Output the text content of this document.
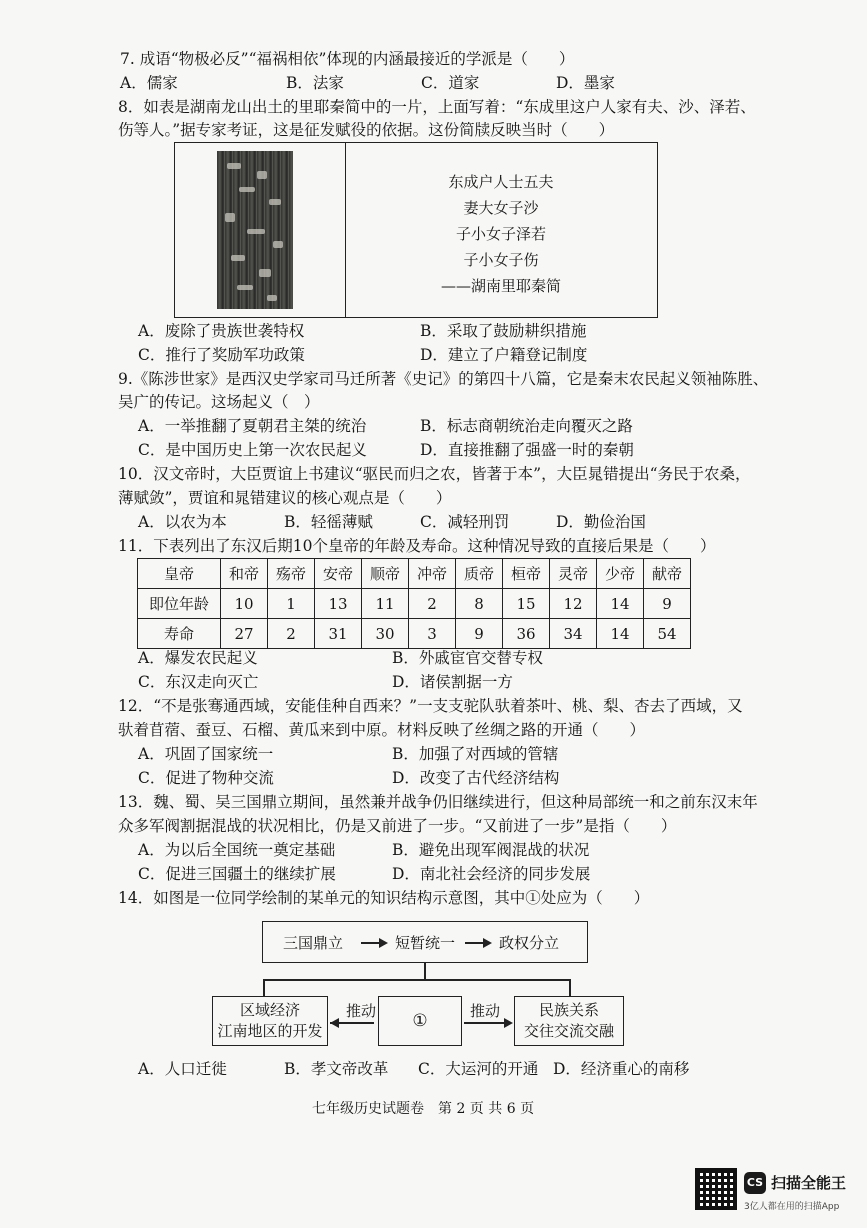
7. 成语“物极必反”“福祸相依”体现的内涵最接近的学派是（　　）
A．儒家	B．法家	C．道家	D．墨家
8．如表是湖南龙山出土的里耶秦简中的一片，上面写着：“东成里这户人家有夫、沙、泽若、
伤等人。”据专家考证，这是征发赋役的依据。这份简牍反映当时（　　）
东成户人士五夫
妻大女子沙
子小女子泽若
子小女子伤
——湖南里耶秦简
A．废除了贵族世袭特权	B．采取了鼓励耕织措施
C．推行了奖励军功政策	D．建立了户籍登记制度
9.《陈涉世家》是西汉史学家司马迁所著《史记》的第四十八篇，它是秦末农民起义领袖陈胜、
吴广的传记。这场起义（　）
A．一举推翻了夏朝君主桀的统治	B．标志商朝统治走向覆灭之路
C．是中国历史上第一次农民起义	D．直接推翻了强盛一时的秦朝
10．汉文帝时，大臣贾谊上书建议“驱民而归之农，皆著于本”，大臣晁错提出“务民于农桑，
薄赋敛”，贾谊和晁错建议的核心观点是（　　）
A．以农为本	B．轻徭薄赋	C．减轻刑罚	D．勤俭治国
11．下表列出了东汉后期10个皇帝的年龄及寿命。这种情况导致的直接后果是（　　）
皇帝	和帝	殇帝	安帝	顺帝	冲帝	质帝	桓帝	灵帝	少帝	献帝
即位年龄	10	1	13	11	2	8	15	12	14	9
寿命	27	2	31	30	3	9	36	34	14	54
A．爆发农民起义	B．外戚宦官交替专权
C．东汉走向灭亡	D．诸侯割据一方
12．“不是张骞通西域，安能佳种自西来？”一支支驼队驮着茶叶、桃、梨、杏去了西域，又
驮着苜蓿、蚕豆、石榴、黄瓜来到中原。材料反映了丝绸之路的开通（　　）
A．巩固了国家统一	B．加强了对西域的管辖
C．促进了物种交流	D．改变了古代经济结构
13．魏、蜀、吴三国鼎立期间，虽然兼并战争仍旧继续进行，但这种局部统一和之前东汉末年
众多军阀割据混战的状况相比，仍是又前进了一步。“又前进了一步”是指（　　）
A．为以后全国统一奠定基础	B．避免出现军阀混战的状况
C．促进三国疆土的继续扩展	D．南北社会经济的同步发展
14．如图是一位同学绘制的某单元的知识结构示意图，其中①处应为（　　）
三国鼎立	短暂统一	政权分立
区域经济
江南地区的开发
推动	①	推动	民族关系
交往交流交融
A．人口迁徙	B．孝文帝改革 C．大运河的开通 D．经济重心的南移
七年级历史试题卷　第 2 页 共 6 页
CS 扫描全能王
3亿人都在用的扫描App
